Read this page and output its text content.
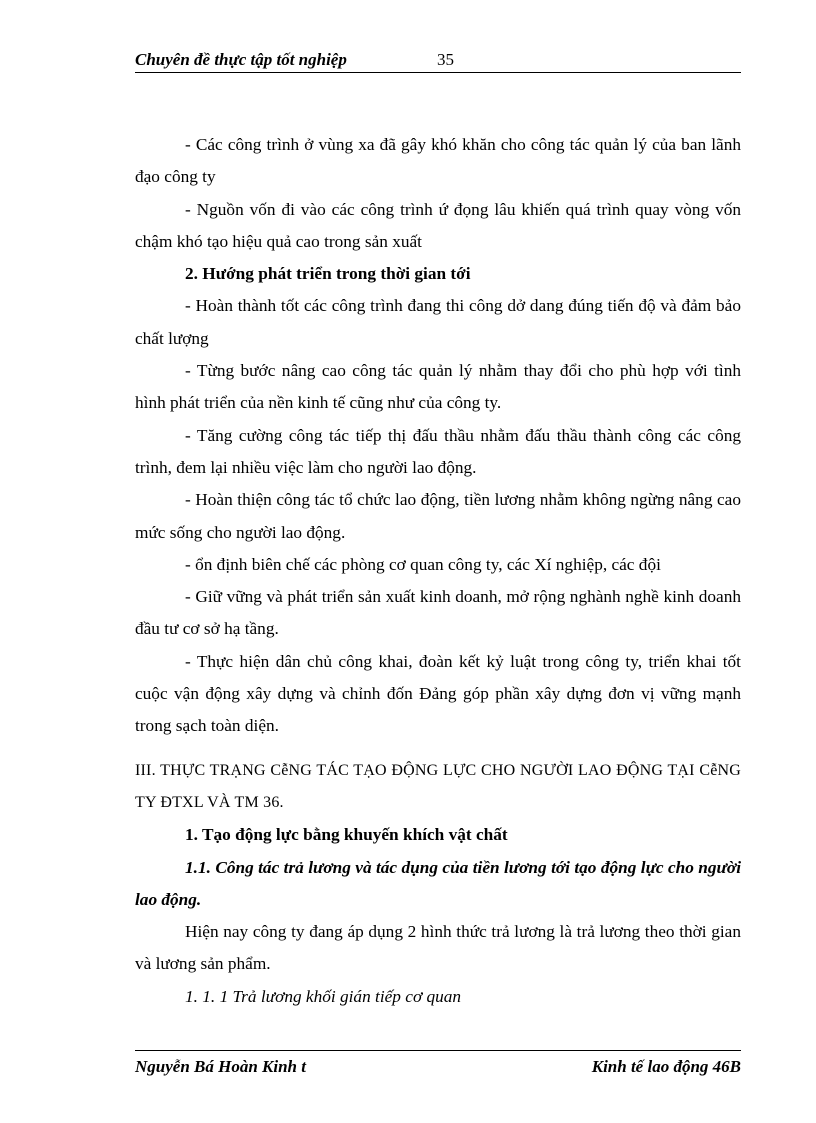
Chuyên đề thực tập tốt nghiệp	35

- Các công trình ở vùng xa đã gây khó khăn cho công tác quản lý của ban lãnh đạo công ty

- Nguồn vốn đi vào các công trình ứ đọng lâu khiến quá trình quay vòng vốn chậm khó tạo hiệu quả cao trong sản xuất

2. Hướng phát triển trong thời gian tới

- Hoàn thành tốt các công trình đang thi công dở dang đúng tiến độ và đảm bảo chất lượng

- Từng bước nâng cao công tác quản lý nhằm thay đổi cho phù hợp với tình hình phát triển của nền kinh tế cũng như của công ty.

- Tăng cường công tác tiếp thị đấu thầu nhằm đấu thầu thành công các công trình, đem lại nhiều việc làm cho người lao động.

- Hoàn thiện công tác tổ chức lao động, tiền lương nhằm không ngừng nâng cao mức sống cho người lao động.

- ổn định biên chế các phòng cơ quan công ty, các Xí nghiệp, các đội

- Giữ vững và phát triển sản xuất kinh doanh, mở rộng nghành nghề kinh doanh đầu tư cơ sở hạ tầng.

- Thực hiện dân chủ công khai, đoàn kết kỷ luật trong công ty, triển khai tốt cuộc vận động xây dựng và chỉnh đốn Đảng góp phần xây dựng đơn vị vững mạnh trong sạch toàn diện.

III. THỰC TRẠNG CễNG TÁC TẠO ĐỘNG LỰC CHO NGƯỜI LAO ĐỘNG TẠI CễNG TY ĐTXL VÀ TM 36.

1. Tạo động lực bằng khuyến khích vật chất

1.1. Công tác trả lương và tác dụng của tiền lương tới tạo động lực cho người lao động.

Hiện nay công ty đang áp dụng 2 hình thức trả lương là trả lương theo thời gian và lương sản phẩm.

1. 1. 1 Trả lương khối gián tiếp cơ quan

Nguyễn Bá Hoàn Kinh t	Kinh tế lao động 46B
